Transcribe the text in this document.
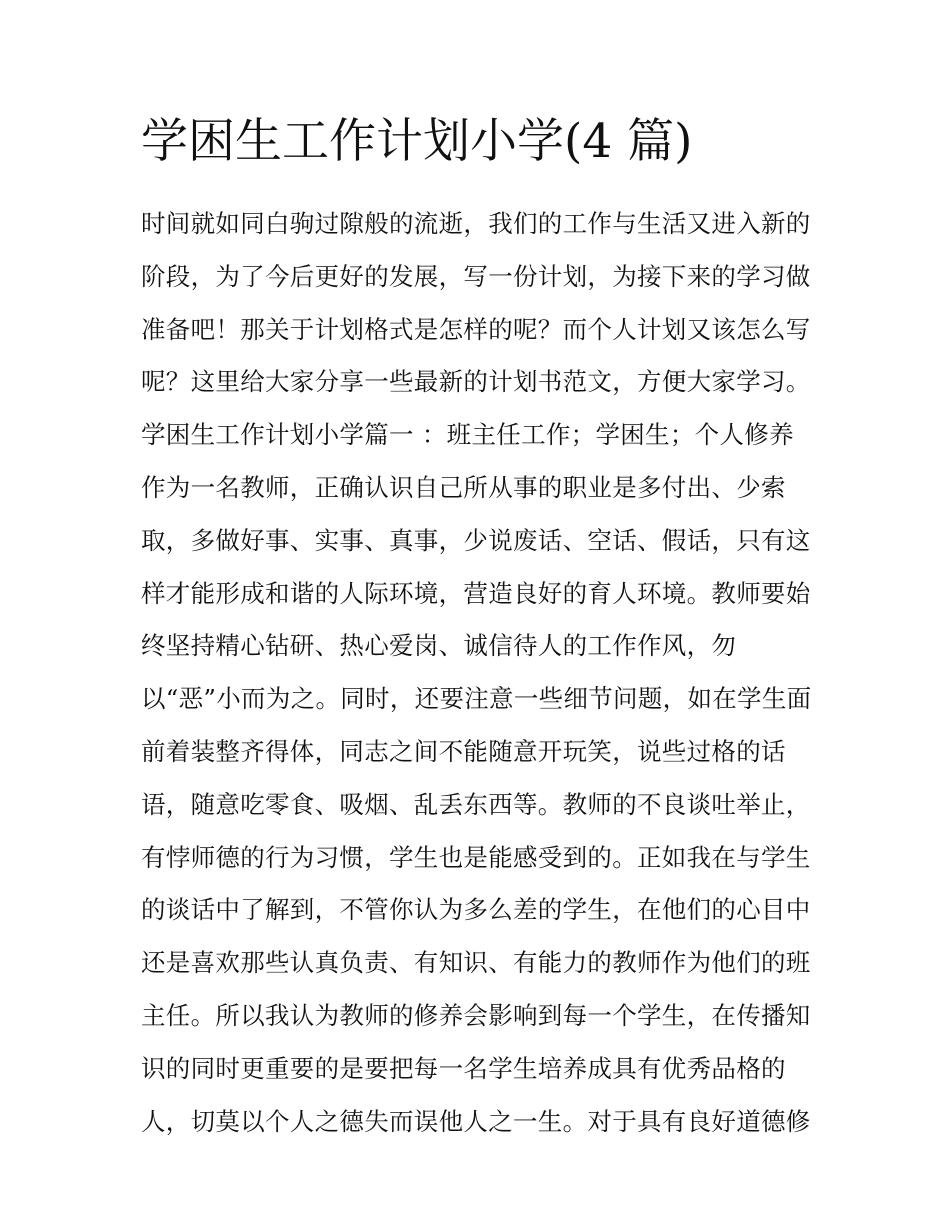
学困生工作计划小学(4 篇)
时间就如同白驹过隙般的流逝，我们的工作与生活又进入新的
阶段，为了今后更好的发展，写一份计划，为接下来的学习做
准备吧！那关于计划格式是怎样的呢？而个人计划又该怎么写
呢？这里给大家分享一些最新的计划书范文，方便大家学习。
学困生工作计划小学篇一 ：班主任工作；学困生；个人修养
作为一名教师，正确认识自己所从事的职业是多付出、少索
取，多做好事、实事、真事，少说废话、空话、假话，只有这
样才能形成和谐的人际环境，营造良好的育人环境。教师要始
终坚持精心钻研、热心爱岗、诚信待人的工作作风，勿
以“恶”小而为之。同时，还要注意一些细节问题，如在学生面
前着装整齐得体，同志之间不能随意开玩笑，说些过格的话
语，随意吃零食、吸烟、乱丢东西等。教师的不良谈吐举止，
有悖师德的行为习惯，学生也是能感受到的。正如我在与学生
的谈话中了解到，不管你认为多么差的学生，在他们的心目中
还是喜欢那些认真负责、有知识、有能力的教师作为他们的班
主任。所以我认为教师的修养会影响到每一个学生，在传播知
识的同时更重要的是要把每一名学生培养成具有优秀品格的
人，切莫以个人之德失而误他人之一生。对于具有良好道德修
